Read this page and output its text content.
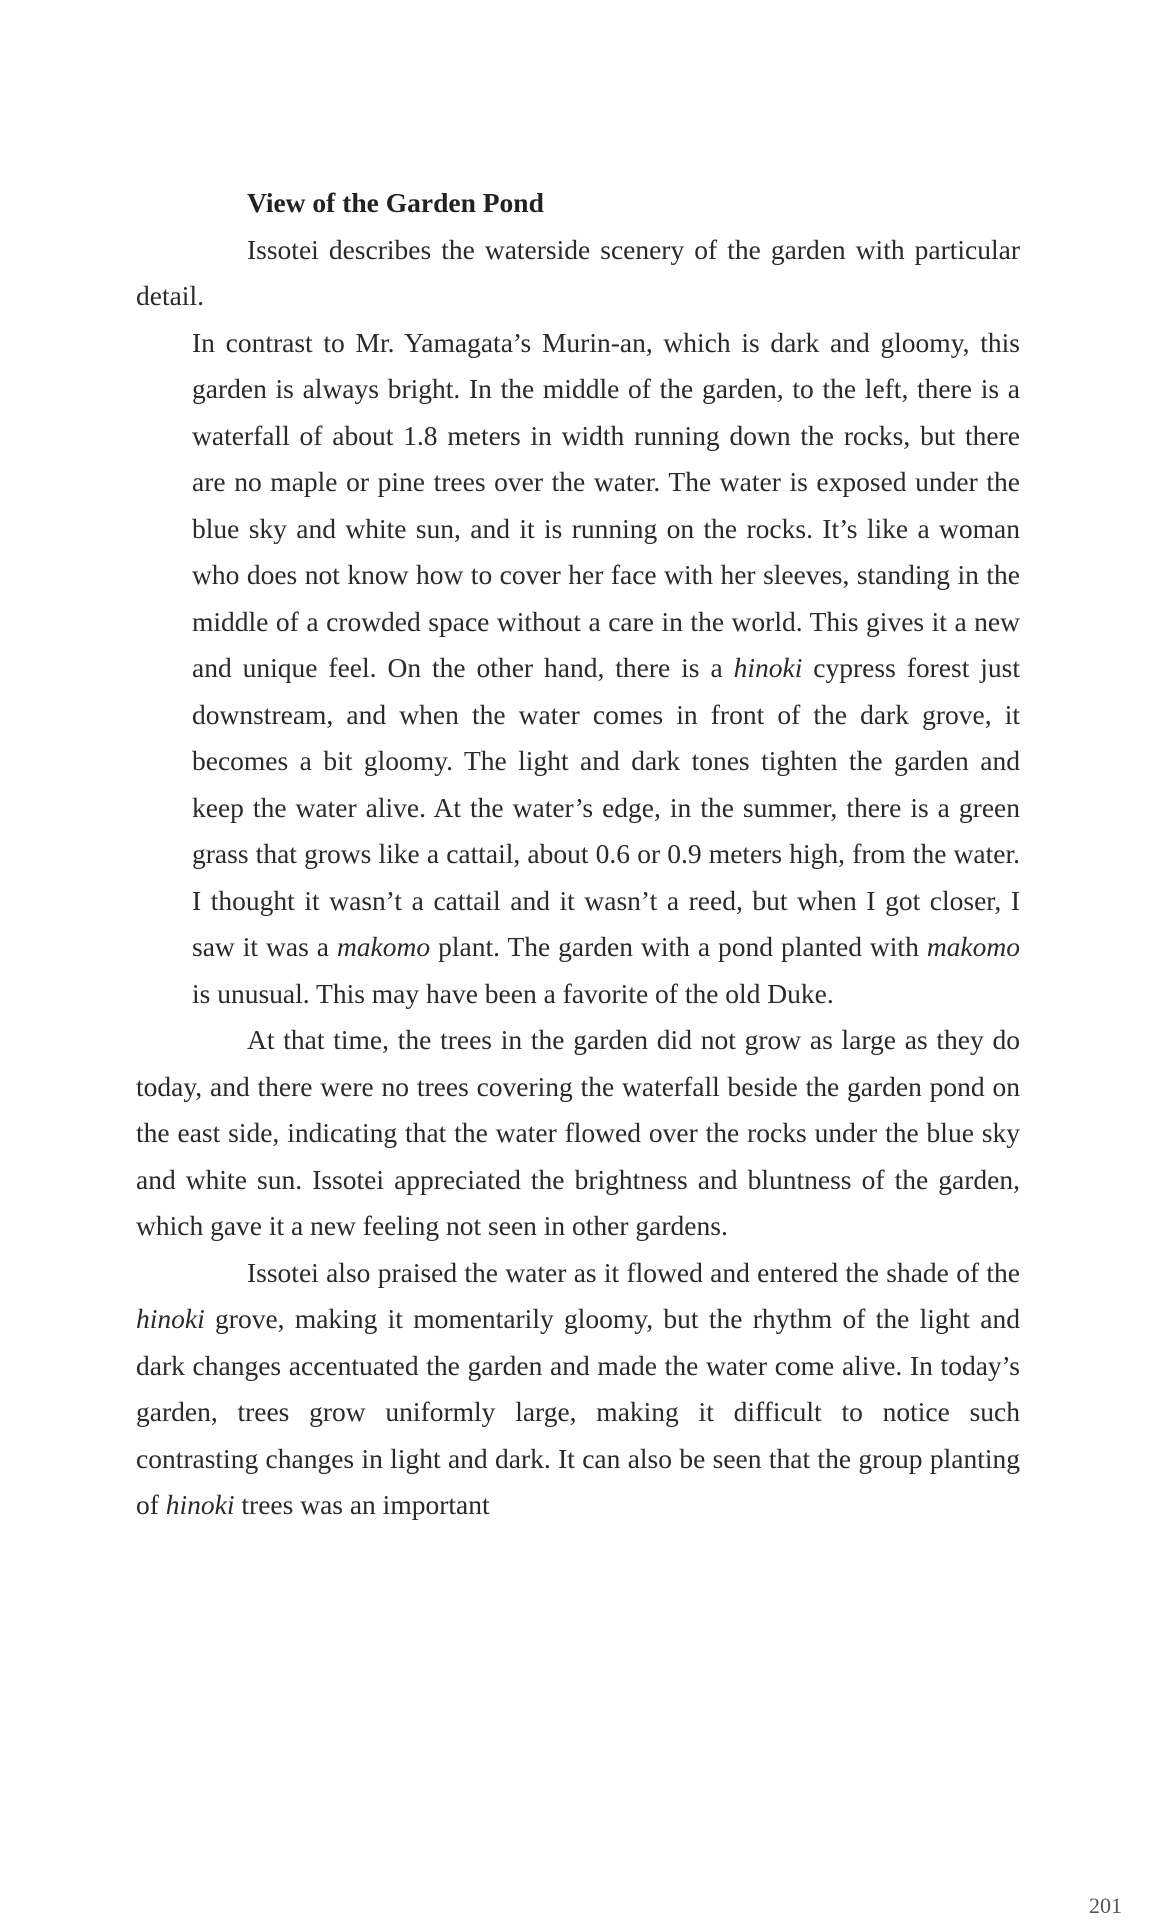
View of the Garden Pond

Issotei describes the waterside scenery of the garden with particular detail.

In contrast to Mr. Yamagata’s Murin-an, which is dark and gloomy, this garden is always bright. In the middle of the garden, to the left, there is a waterfall of about 1.8 meters in width running down the rocks, but there are no maple or pine trees over the water. The water is exposed under the blue sky and white sun, and it is running on the rocks. It’s like a woman who does not know how to cover her face with her sleeves, standing in the middle of a crowded space without a care in the world. This gives it a new and unique feel. On the other hand, there is a hinoki cypress forest just downstream, and when the water comes in front of the dark grove, it becomes a bit gloomy. The light and dark tones tighten the garden and keep the water alive. At the water’s edge, in the summer, there is a green grass that grows like a cattail, about 0.6 or 0.9 meters high, from the water. I thought it wasn’t a cattail and it wasn’t a reed, but when I got closer, I saw it was a makomo plant. The garden with a pond planted with makomo is unusual. This may have been a favorite of the old Duke.

At that time, the trees in the garden did not grow as large as they do today, and there were no trees covering the waterfall beside the garden pond on the east side, indicating that the water flowed over the rocks under the blue sky and white sun. Issotei appreciated the brightness and bluntness of the garden, which gave it a new feeling not seen in other gardens.

Issotei also praised the water as it flowed and entered the shade of the hinoki grove, making it momentarily gloomy, but the rhythm of the light and dark changes accentuated the garden and made the water come alive. In today’s garden, trees grow uniformly large, making it difficult to notice such contrasting changes in light and dark. It can also be seen that the group planting of hinoki trees was an important

201
